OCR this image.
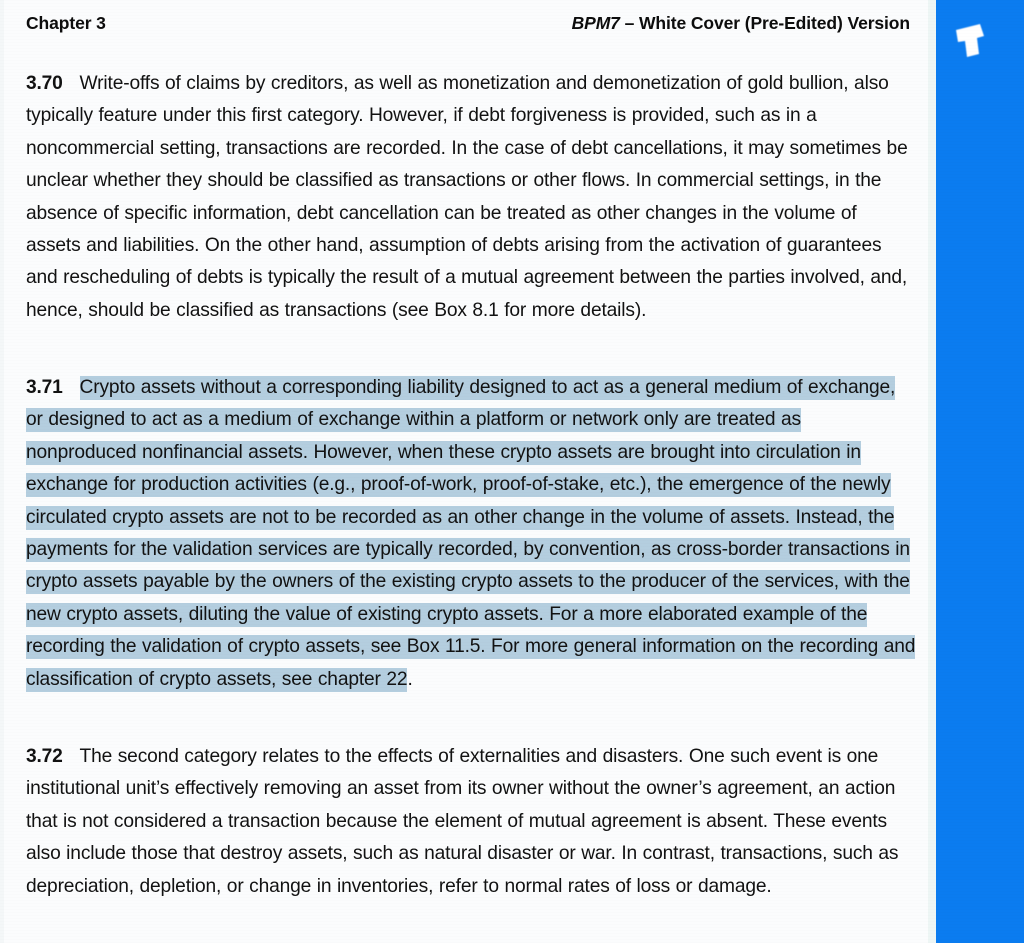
Chapter 3	BPM7 – White Cover (Pre-Edited) Version
3.70 Write-offs of claims by creditors, as well as monetization and demonetization of gold bullion, also typically feature under this first category. However, if debt forgiveness is provided, such as in a noncommercial setting, transactions are recorded. In the case of debt cancellations, it may sometimes be unclear whether they should be classified as transactions or other flows. In commercial settings, in the absence of specific information, debt cancellation can be treated as other changes in the volume of assets and liabilities. On the other hand, assumption of debts arising from the activation of guarantees and rescheduling of debts is typically the result of a mutual agreement between the parties involved, and, hence, should be classified as transactions (see Box 8.1 for more details).
3.71 Crypto assets without a corresponding liability designed to act as a general medium of exchange, or designed to act as a medium of exchange within a platform or network only are treated as nonproduced nonfinancial assets. However, when these crypto assets are brought into circulation in exchange for production activities (e.g., proof-of-work, proof-of-stake, etc.), the emergence of the newly circulated crypto assets are not to be recorded as an other change in the volume of assets. Instead, the payments for the validation services are typically recorded, by convention, as cross-border transactions in crypto assets payable by the owners of the existing crypto assets to the producer of the services, with the new crypto assets, diluting the value of existing crypto assets. For a more elaborated example of the recording the validation of crypto assets, see Box 11.5. For more general information on the recording and classification of crypto assets, see chapter 22.
3.72 The second category relates to the effects of externalities and disasters. One such event is one institutional unit’s effectively removing an asset from its owner without the owner’s agreement, an action that is not considered a transaction because the element of mutual agreement is absent. These events also include those that destroy assets, such as natural disaster or war. In contrast, transactions, such as depreciation, depletion, or change in inventories, refer to normal rates of loss or damage.
